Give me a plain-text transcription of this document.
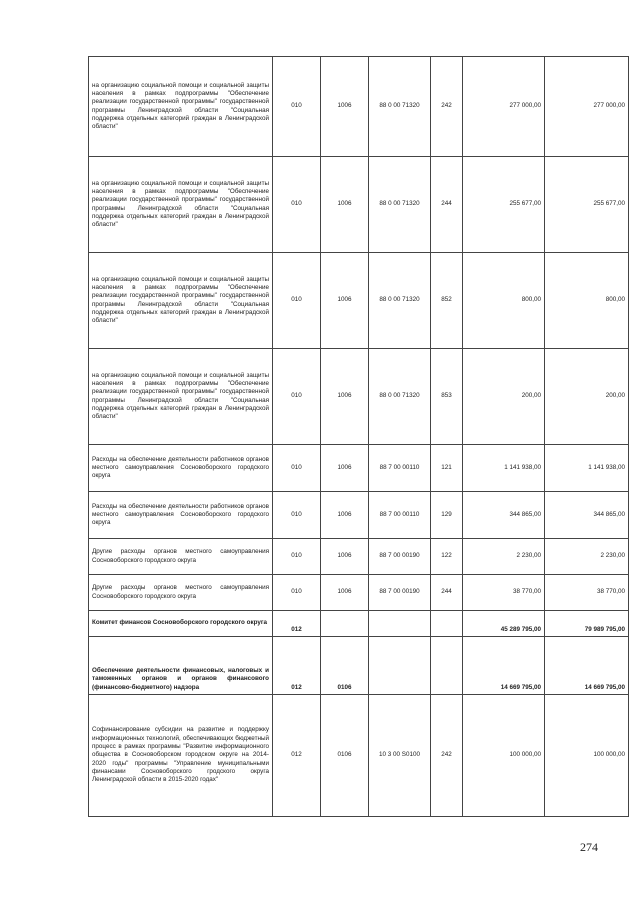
на организацию социальной помощи и социальной защиты населения в рамках подпрограммы "Обеспечение реализации государственной программы" государственной программы Ленинградской области "Социальная поддержка отдельных категорий граждан в Ленинградской области"	010	1006	88 0 00 71320	242	277 000,00	277 000,00
на организацию социальной помощи и социальной защиты населения в рамках подпрограммы "Обеспечение реализации государственной программы" государственной программы Ленинградской области "Социальная поддержка отдельных категорий граждан в Ленинградской области"	010	1006	88 0 00 71320	244	255 677,00	255 677,00
на организацию социальной помощи и социальной защиты населения в рамках подпрограммы "Обеспечение реализации государственной программы" государственной программы Ленинградской области "Социальная поддержка отдельных категорий граждан в Ленинградской области"	010	1006	88 0 00 71320	852	800,00	800,00
на организацию социальной помощи и социальной защиты населения в рамках подпрограммы "Обеспечение реализации государственной программы" государственной программы Ленинградской области "Социальная поддержка отдельных категорий граждан в Ленинградской области"	010	1006	88 0 00 71320	853	200,00	200,00
Расходы на обеспечение деятельности работников органов местного самоуправления Сосновоборского городского округа	010	1006	88 7 00 00110	121	1 141 938,00	1 141 938,00
Расходы на обеспечение деятельности работников органов местного самоуправления Сосновоборского городского округа	010	1006	88 7 00 00110	129	344 865,00	344 865,00
Другие расходы органов местного самоуправления Сосновоборского городского округа	010	1006	88 7 00 00190	122	2 230,00	2 230,00
Другие расходы органов местного самоуправления Сосновоборского городского округа	010	1006	88 7 00 00190	244	38 770,00	38 770,00
Комитет финансов Сосновоборского городского округа	012				45 289 795,00	79 989 795,00
Обеспечение деятельности финансовых, налоговых и таможенных органов и органов финансового (финансово-бюджетного) надзора	012	0106			14 669 795,00	14 669 795,00
Софинансирование субсидии на развитие и поддержку информационных технологий, обеспечивающих бюджетный процесс в рамках программы "Развитие информационного общества в Сосновоборском городском округе на 2014-2020 годы" программы "Управление муниципальными финансами Сосновоборского гродского округа Ленинградской области в 2015-2020 годах"	012	0106	10 3 00 S0100	242	100 000,00	100 000,00
274
